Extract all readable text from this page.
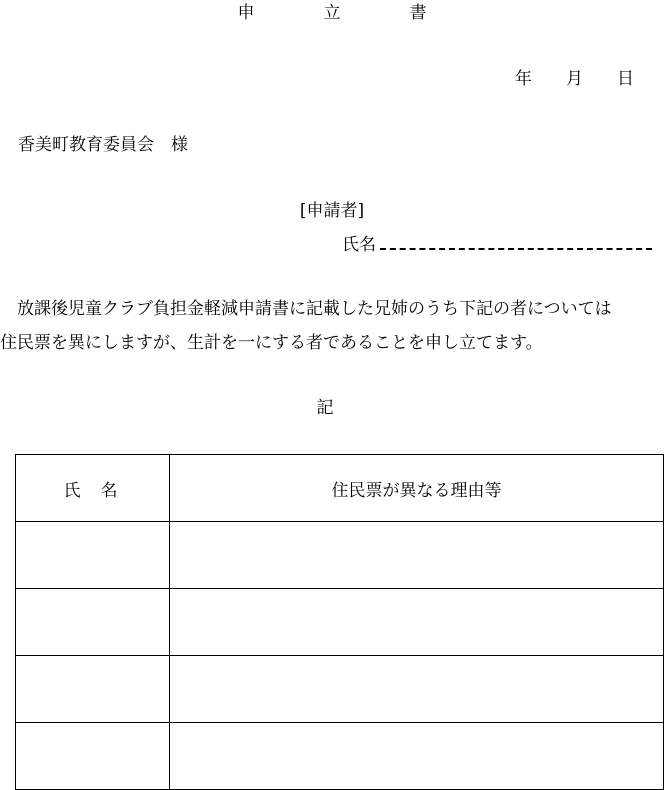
申　立　書
年 月 日
香美町教育委員会　様
[申請者]
氏名
放課後児童クラブ負担金軽減申請書に記載した兄姉のうち下記の者については
住民票を異にしますが、生計を一にする者であることを申し立てます。
記
氏名	住民票が異なる理由等
